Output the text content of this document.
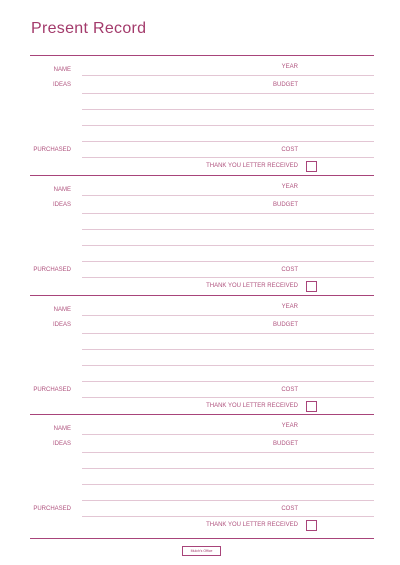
Present Record
NAME	YEAR
IDEAS	BUDGET
PURCHASED	COST
THANK YOU LETTER RECEIVED
NAME	YEAR
IDEAS	BUDGET
PURCHASED	COST
THANK YOU LETTER RECEIVED
NAME	YEAR
IDEAS	BUDGET
PURCHASED	COST
THANK YOU LETTER RECEIVED
NAME	YEAR
IDEAS	BUDGET
PURCHASED	COST
THANK YOU LETTER RECEIVED
Mulch's Office
